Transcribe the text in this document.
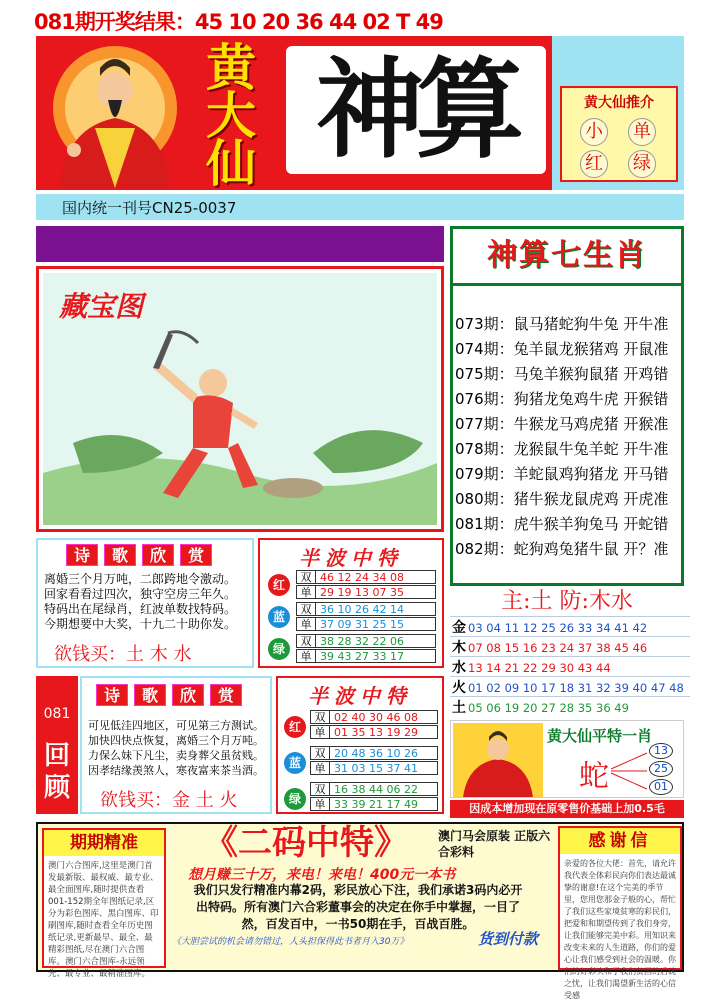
081期开奖结果：45 10 20 36 44 02 T 49
黄大仙 神算	黄大仙推介
小 单
红 绿
国内统一刊号CN25-0037
神算七生肖
073期：鼠马猪蛇狗牛兔 开牛准
074期：兔羊鼠龙猴猪鸡 开鼠准
075期：马兔羊猴狗鼠猪 开鸡错
076期：狗猪龙兔鸡牛虎 开猴错
077期：牛猴龙马鸡虎猪 开猴准
078期：龙猴鼠牛兔羊蛇 开牛准
079期：羊蛇鼠鸡狗猪龙 开马错
080期：猪牛猴龙鼠虎鸡 开虎准
081期：虎牛猴羊狗兔马 开蛇错
082期：蛇狗鸡兔猪牛鼠 开？准
藏宝图
诗	歌	欣	赏
离婚三个月万吨，二郎跨地令激动。
回家看看过四次，独守空房三年久。
特码出在尾绿肖，红波单数找特码。
今期想要中大奖，十九二十助你发。
欲钱买：土 木 水
半波中特
红
双 46 12 24 34 08
单 29 19 13 07 35
蓝
双 36 10 26 42 14
单 37 09 31 25 15
绿
双 38 28 32 22 06
单 39 43 27 33 17
主:土 防:木水
金 03 04 11 12 25 26 33 34 41 42
木 07 08 15 16 23 24 37 38 45 46
水 13 14 21 22 29 30 43 44
火 01 02 09 10 17 18 31 32 39 40 47 48
土 05 06 19 20 27 28 35 36 49
081
回顾
诗	歌	欣	赏
可见低洼四地区，可见第三方测试。
加快四快点恢复，离婚三个月万吨。
力保么妹下凡尘，卖身葬父虽贫贱。
因孝结缘羡煞人，寒夜富来茶当酒。
欲钱买：金 土 火
半波中特
红
双 02 40 30 46 08
单 01 35 13 19 29
蓝
双 20 48 36 10 26
单 31 03 15 37 41
绿
双 16 38 44 06 22
单 33 39 21 17 49
黄大仙平特一肖
蛇
13
25
01
因成本增加现在原零售价基础上加0.5毛
期期精准
澳门六合图库,这里是澳门首发最新版、最权威、最专业、最全面图库,随时提供查看001-152期全年图纸记录,区分为彩色图库、黑白图库、印刷图库,随时查看全年历史图纸记录,更新最早、最全、最精彩图纸,尽在澳门六合图库。澳门六合图库-永远领先、最专业、最精准图库。
《二码中特》	澳门马会原装 正版六合彩料
想月赚三十万，来电！来电！400元一本书
我们只发行精准内幕2码，彩民放心下注，我们承诺3码内必开出特码。所有澳门六合彩董事会的决定在你手中掌握，一目了然，百发百中，一书50期在手，百战百胜。
《大胆尝试的机会请勿错过，人头担保得此书者月入30万》	货到付款
感谢信
亲爱的各位大佬：首先，请允许我代表全体彩民向你们表达最诚挚的谢意!在这个完美的季节里，您用您那金子般的心，帮忙了我们这些家境贫寒的彩民们，把爱和和期望传到了我们身旁，让我们能够完美中彩。用知识来改变未来的人生道路，你们的爱心让我们感受到社会的温暖。你们的好彩头和了我们贫困的后碗之忧，让我们渴望新生活的心信受感
